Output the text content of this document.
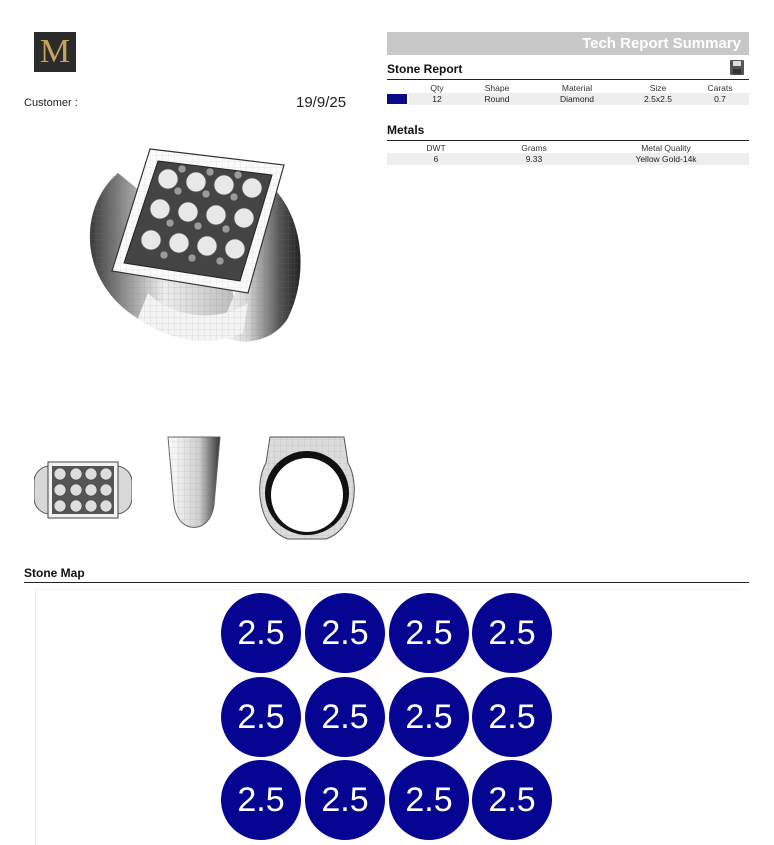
M
Customer :	19/9/25
Tech Report Summary
Stone Report
	Qty	Shape	Material	Size	Carats
	12	Round	Diamond	2.5x2.5	0.7
Metals
DWT	Grams	Metal Quality
6	9.33	Yellow Gold-14k
Stone Map
2.5	2.5	2.5	2.5
2.5	2.5	2.5	2.5
2.5	2.5	2.5	2.5
